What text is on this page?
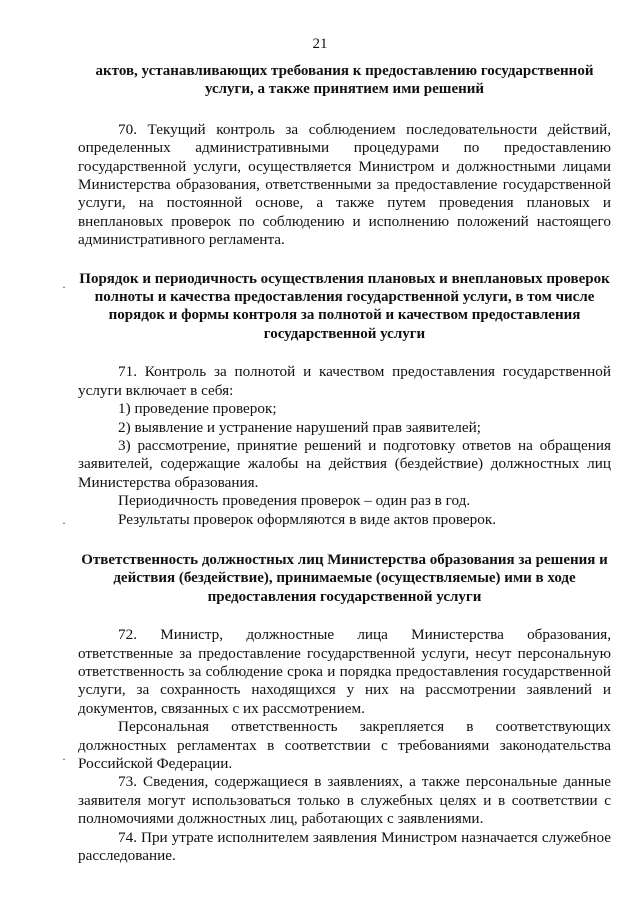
21

актов, устанавливающих требования к предоставлению государственной услуги, а также принятием ими решений

70. Текущий контроль за соблюдением последовательности действий, определенных административными процедурами по предоставлению государственной услуги, осуществляется Министром и должностными лицами Министерства образования, ответственными за предоставление государственной услуги, на постоянной основе, а также путем проведения плановых и внеплановых проверок по соблюдению и исполнению положений настоящего административного регламента.

Порядок и периодичность осуществления плановых и внеплановых проверок полноты и качества предоставления государственной услуги, в том числе порядок и формы контроля за полнотой и качеством предоставления государственной услуги

71. Контроль за полнотой и качеством предоставления государственной услуги включает в себя:

1) проведение проверок;

2) выявление и устранение нарушений прав заявителей;

3) рассмотрение, принятие решений и подготовку ответов на обращения заявителей, содержащие жалобы на действия (бездействие) должностных лиц Министерства образования.

Периодичность проведения проверок – один раз в год.

Результаты проверок оформляются в виде актов проверок.

Ответственность должностных лиц Министерства образования за решения и действия (бездействие), принимаемые (осуществляемые) ими в ходе предоставления государственной услуги

72. Министр, должностные лица Министерства образования, ответственные за предоставление государственной услуги, несут персональную ответственность за соблюдение срока и порядка предоставления государственной услуги, за сохранность находящихся у них на рассмотрении заявлений и документов, связанных с их рассмотрением.

Персональная ответственность закрепляется в соответствующих должностных регламентах в соответствии с требованиями законодательства Российской Федерации.

73. Сведения, содержащиеся в заявлениях, а также персональные данные заявителя могут использоваться только в служебных целях и в соответствии с полномочиями должностных лиц, работающих с заявлениями.

74. При утрате исполнителем заявления Министром назначается служебное расследование.

·
·
·
